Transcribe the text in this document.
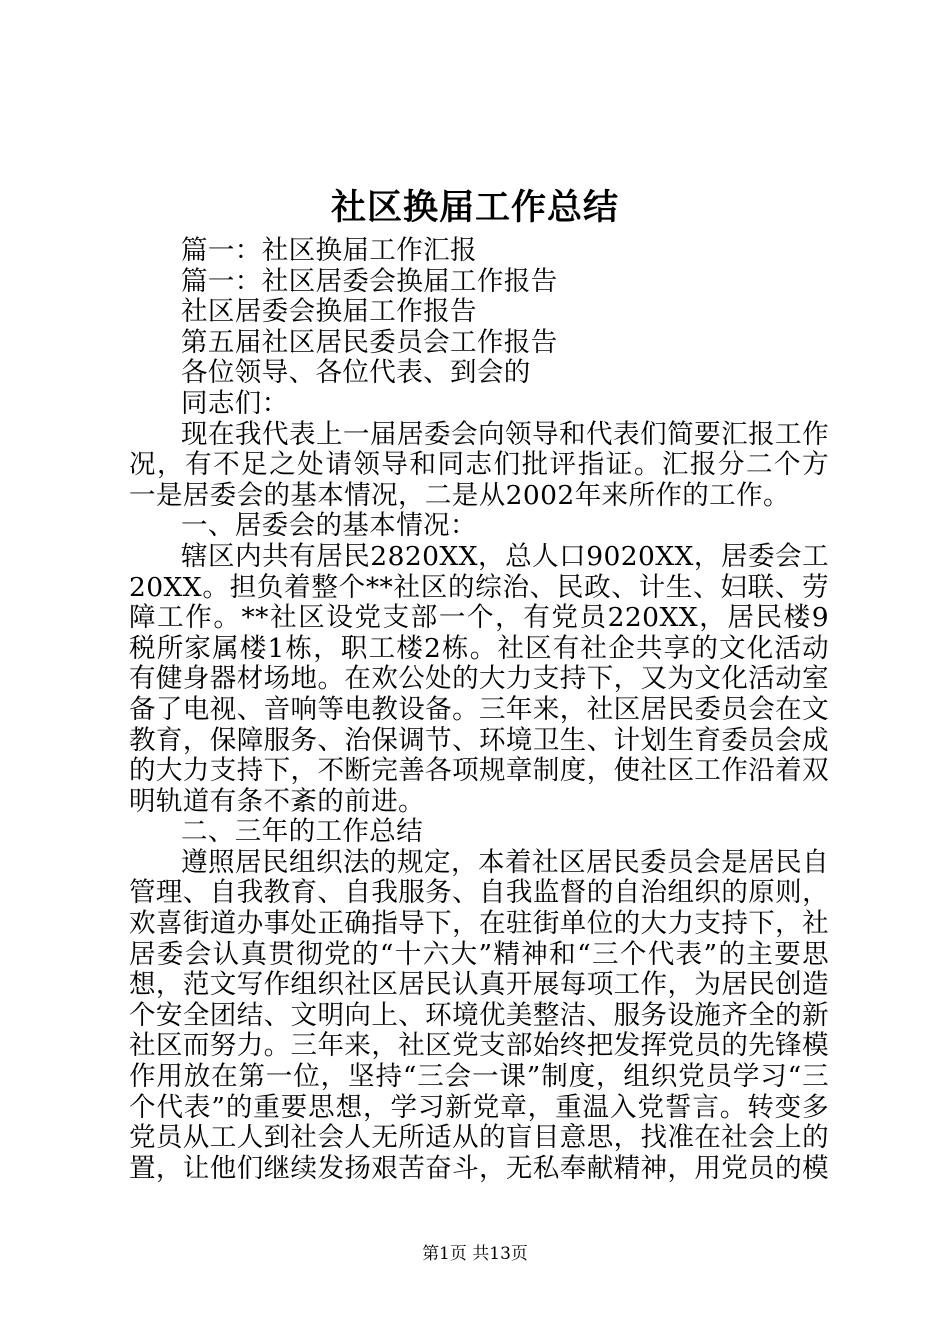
社区换届工作总结
篇一：社区换届工作汇报
篇一：社区居委会换届工作报告
社区居委会换届工作报告
第五届社区居民委员会工作报告
各位领导、各位代表、到会的
同志们：
现在我代表上一届居委会向领导和代表们简要汇报工作
况，有不足之处请领导和同志们批评指证。汇报分二个方
一是居委会的基本情况，二是从2002年来所作的工作。
一、居委会的基本情况：
辖区内共有居民2820XX，总人口9020XX，居委会工
20XX。担负着整个**社区的综治、民政、计生、妇联、劳
障工作。**社区设党支部一个，有党员220XX，居民楼9
税所家属楼1栋，职工楼2栋。社区有社企共享的文化活动
有健身器材场地。在欢公处的大力支持下，又为文化活动室
备了电视、音响等电教设备。三年来，社区居民委员会在文
教育，保障服务、治保调节、环境卫生、计划生育委员会成
的大力支持下，不断完善各项规章制度，使社区工作沿着双
明轨道有条不紊的前进。
二、三年的工作总结
遵照居民组织法的规定，本着社区居民委员会是居民自
管理、自我教育、自我服务、自我监督的自治组织的原则，
欢喜街道办事处正确指导下，在驻街单位的大力支持下，社
居委会认真贯彻党的“十六大”精神和“三个代表”的主要思
想，范文写作组织社区居民认真开展每项工作，为居民创造
个安全团结、文明向上、环境优美整洁、服务设施齐全的新
社区而努力。三年来，社区党支部始终把发挥党员的先锋模
作用放在第一位，坚持“三会一课”制度，组织党员学习“三
个代表”的重要思想，学习新党章，重温入党誓言。转变多
党员从工人到社会人无所适从的盲目意思，找准在社会上的
置，让他们继续发扬艰苦奋斗，无私奉献精神，用党员的模
第1页 共13页
